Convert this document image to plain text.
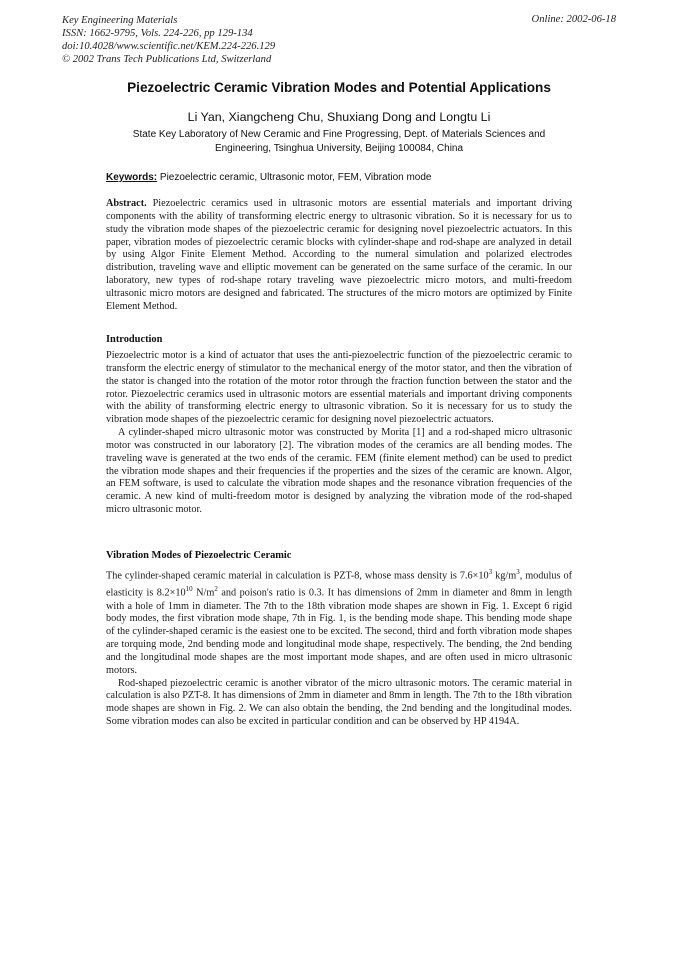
Key Engineering Materials
ISSN: 1662-9795, Vols. 224-226, pp 129-134
doi:10.4028/www.scientific.net/KEM.224-226.129
© 2002 Trans Tech Publications Ltd, Switzerland
Online: 2002-06-18
Piezoelectric Ceramic Vibration Modes and Potential Applications
Li Yan, Xiangcheng Chu, Shuxiang Dong and Longtu Li
State Key Laboratory of New Ceramic and Fine Progressing, Dept. of Materials Sciences and
Engineering, Tsinghua University, Beijing 100084, China
Keywords: Piezoelectric ceramic, Ultrasonic motor, FEM, Vibration mode

Abstract. Piezoelectric ceramics used in ultrasonic motors are essential materials and important driving components with the ability of transforming electric energy to ultrasonic vibration. So it is necessary for us to study the vibration mode shapes of the piezoelectric ceramic for designing novel piezoelectric actuators. In this paper, vibration modes of piezoelectric ceramic blocks with cylinder-shape and rod-shape are analyzed in detail by using Algor Finite Element Method. According to the numeral simulation and polarized electrodes distribution, traveling wave and elliptic movement can be generated on the same surface of the ceramic. In our laboratory, new types of rod-shape rotary traveling wave piezoelectric micro motors, and multi-freedom ultrasonic micro motors are designed and fabricated. The structures of the micro motors are optimized by Finite Element Method.

Introduction

Piezoelectric motor is a kind of actuator that uses the anti-piezoelectric function of the piezoelectric ceramic to transform the electric energy of stimulator to the mechanical energy of the motor stator, and then the vibration of the stator is changed into the rotation of the motor rotor through the fraction function between the stator and the rotor. Piezoelectric ceramics used in ultrasonic motors are essential materials and important driving components with the ability of transforming electric energy to ultrasonic vibration. So it is necessary for us to study the vibration mode shapes of the piezoelectric ceramic for designing novel piezoelectric actuators.

A cylinder-shaped micro ultrasonic motor was constructed by Morita [1] and a rod-shaped micro ultrasonic motor was constructed in our laboratory [2]. The vibration modes of the ceramics are all bending modes. The traveling wave is generated at the two ends of the ceramic. FEM (finite element method) can be used to predict the vibration mode shapes and their frequencies if the properties and the sizes of the ceramic are known. Algor, an FEM software, is used to calculate the vibration mode shapes and the resonance vibration frequencies of the ceramic. A new kind of multi-freedom motor is designed by analyzing the vibration mode of the rod-shaped micro ultrasonic motor.

Vibration Modes of Piezoelectric Ceramic

The cylinder-shaped ceramic material in calculation is PZT-8, whose mass density is $7.6\times 10^3$ $kg/m^3$, modulus of elasticity is $8.2\times 10^{10}$ $N/m^2$ and poison's ratio is 0.3. It has dimensions of 2mm in diameter and 8mm in length with a hole of 1mm in diameter. The 7th to the 18th vibration mode shapes are shown in Fig. 1. Except 6 rigid body modes, the first vibration mode shape, 7th in Fig. 1, is the bending mode shape. This bending mode shape of the cylinder-shaped ceramic is the easiest one to be excited. The second, third and forth vibration mode shapes are torquing mode, 2nd bending mode and longitudinal mode shape, respectively. The bending, the 2nd bending and the longitudinal mode shapes are the most important mode shapes, and are often used in micro ultrasonic motors.

Rod-shaped piezoelectric ceramic is another vibrator of the micro ultrasonic motors. The ceramic material in calculation is also PZT-8. It has dimensions of 2mm in diameter and 8mm in length. The 7th to the 18th vibration mode shapes are shown in Fig. 2. We can also obtain the bending, the 2nd bending and the longitudinal modes. Some vibration modes can also be excited in particular condition and can be observed by HP 4194A.
